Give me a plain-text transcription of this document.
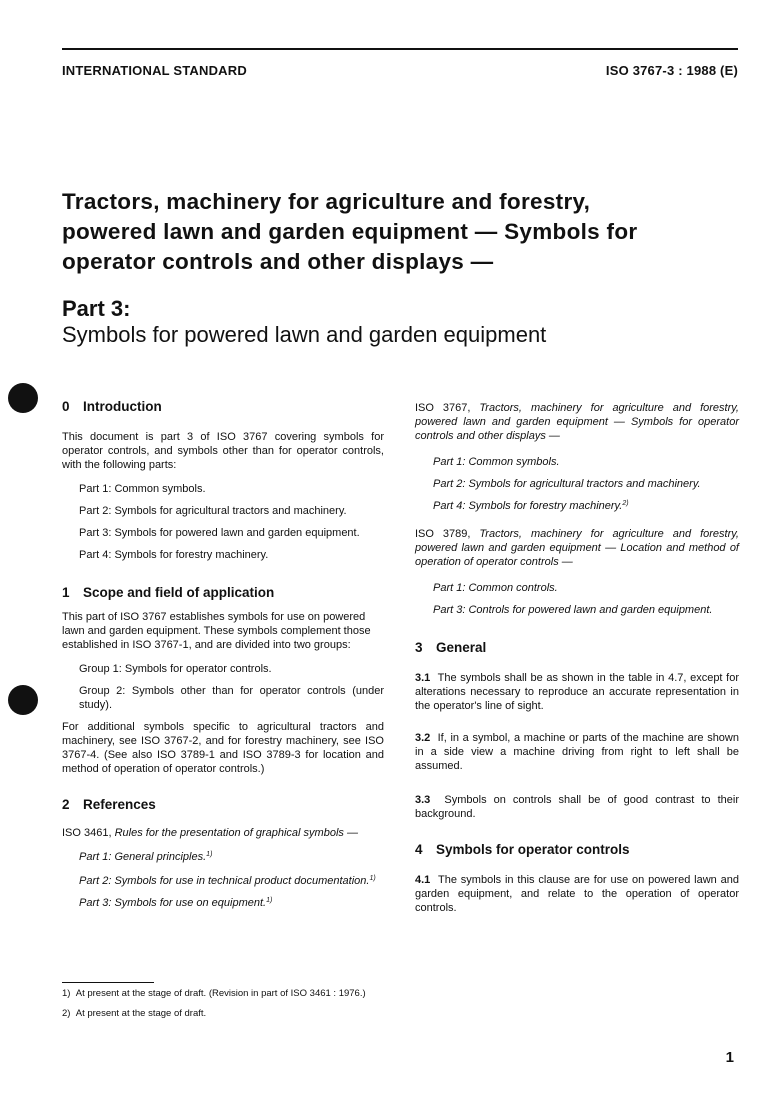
INTERNATIONAL STANDARD	ISO 3767-3 : 1988 (E)
Tractors, machinery for agriculture and forestry,
powered lawn and garden equipment — Symbols for
operator controls and other displays —
Part 3:
Symbols for powered lawn and garden equipment
0 Introduction

This document is part 3 of ISO 3767 covering symbols for operator controls, and symbols other than for operator controls, with the following parts:

Part 1: Common symbols.

Part 2: Symbols for agricultural tractors and machinery.

Part 3: Symbols for powered lawn and garden equipment.

Part 4: Symbols for forestry machinery.

1 Scope and field of application

This part of ISO 3767 establishes symbols for use on powered lawn and garden equipment. These symbols complement those established in ISO 3767-1, and are divided into two groups:

Group 1: Symbols for operator controls.

Group 2: Symbols other than for operator controls (under study).

For additional symbols specific to agricultural tractors and machinery, see ISO 3767-2, and for forestry machinery, see ISO 3767-4. (See also ISO 3789-1 and ISO 3789-3 for location and method of operation of operator controls.)

2 References

ISO 3461, Rules for the presentation of graphical symbols —

Part 1: General principles.$^{1)}$

Part 2: Symbols for use in technical product documentation.$^{1)}$

Part 3: Symbols for use on equipment.$^{1)}$

ISO 3767, Tractors, machinery for agriculture and forestry, powered lawn and garden equipment — Symbols for operator controls and other displays —

Part 1: Common symbols.

Part 2: Symbols for agricultural tractors and machinery.

Part 4: Symbols for forestry machinery.$^{2)}$

ISO 3789, Tractors, machinery for agriculture and forestry, powered lawn and garden equipment — Location and method of operation of operator controls —

Part 1: Common controls.

Part 3: Controls for powered lawn and garden equipment.

3 General

3.1 The symbols shall be as shown in the table in 4.7, except for alterations necessary to reproduce an accurate representation in the operator's line of sight.

3.2 If, in a symbol, a machine or parts of the machine are shown in a side view a machine driving from right to left shall be assumed.

3.3 Symbols on controls shall be of good contrast to their background.

4 Symbols for operator controls

4.1 The symbols in this clause are for use on powered lawn and garden equipment, and relate to the operation of operator controls.

1) At present at the stage of draft. (Revision in part of ISO 3461 : 1976.)
2) At present at the stage of draft.
1
